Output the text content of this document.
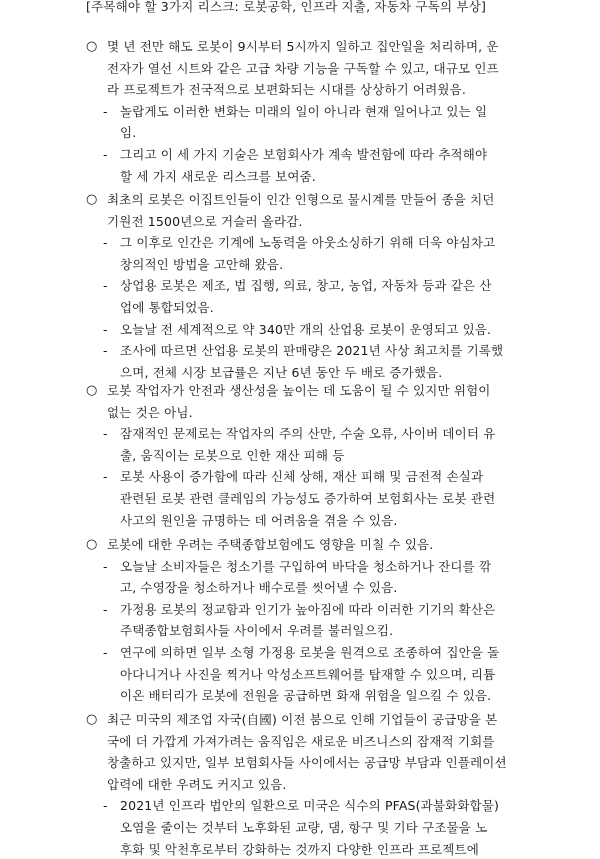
[주목해야 할 3가지 리스크: 로봇공학, 인프라 지출, 자동차 구독의 부상]
○ 몇 년 전만 해도 로봇이 9시부터 5시까지 일하고 집안일을 처리하며, 운
전자가 열선 시트와 같은 고급 차량 기능을 구독할 수 있고, 대규모 인프
라 프로젝트가 전국적으로 보편화되는 시대를 상상하기 어려웠음.
- 놀랍게도 이러한 변화는 미래의 일이 아니라 현재 일어나고 있는 일
임.
- 그리고 이 세 가지 기술은 보험회사가 계속 발전함에 따라 추적해야
할 세 가지 새로운 리스크를 보여줌.
○ 최초의 로봇은 이집트인들이 인간 인형으로 물시계를 만들어 종을 치던
기원전 1500년으로 거슬러 올라감.
- 그 이후로 인간은 기계에 노동력을 아웃소싱하기 위해 더욱 야심차고
창의적인 방법을 고안해 왔음.
- 상업용 로봇은 제조, 법 집행, 의료, 창고, 농업, 자동차 등과 같은 산
업에 통합되었음.
- 오늘날 전 세계적으로 약 340만 개의 산업용 로봇이 운영되고 있음.
- 조사에 따르면 산업용 로봇의 판매량은 2021년 사상 최고치를 기록했
으며, 전체 시장 보급률은 지난 6년 동안 두 배로 증가했음.
○ 로봇 작업자가 안전과 생산성을 높이는 데 도움이 될 수 있지만 위험이
없는 것은 아님.
- 잠재적인 문제로는 작업자의 주의 산만, 수술 오류, 사이버 데이터 유
출, 움직이는 로봇으로 인한 재산 피해 등
- 로봇 사용이 증가함에 따라 신체 상해, 재산 피해 및 금전적 손실과
관련된 로봇 관련 클레임의 가능성도 증가하여 보험회사는 로봇 관련
사고의 원인을 규명하는 데 어려움을 겪을 수 있음.
○ 로봇에 대한 우려는 주택종합보험에도 영향을 미칠 수 있음.
- 오늘날 소비자들은 청소기를 구입하여 바닥을 청소하거나 잔디를 깎
고, 수영장을 청소하거나 배수로를 씻어낼 수 있음.
- 가정용 로봇의 정교함과 인기가 높아짐에 따라 이러한 기기의 확산은
주택종합보험회사들 사이에서 우려를 불러일으킴.
- 연구에 의하면 일부 소형 가정용 로봇을 원격으로 조종하여 집안을 돌
아다니거나 사진을 찍거나 악성소프트웨어를 탑재할 수 있으며, 리튬
이온 배터리가 로봇에 전원을 공급하면 화재 위험을 일으킬 수 있음.
○ 최근 미국의 제조업 자국(自國) 이전 붐으로 인해 기업들이 공급망을 본
국에 더 가깝게 가져가려는 움직임은 새로운 비즈니스의 잠재적 기회를
창출하고 있지만, 일부 보험회사들 사이에서는 공급망 부담과 인플레이션
압력에 대한 우려도 커지고 있음.
- 2021년 인프라 법안의 일환으로 미국은 식수의 PFAS(과불화화합물)
오염을 줄이는 것부터 노후화된 교량, 댐, 항구 및 기타 구조물을 노
후화 및 악천후로부터 강화하는 것까지 다양한 인프라 프로젝트에
